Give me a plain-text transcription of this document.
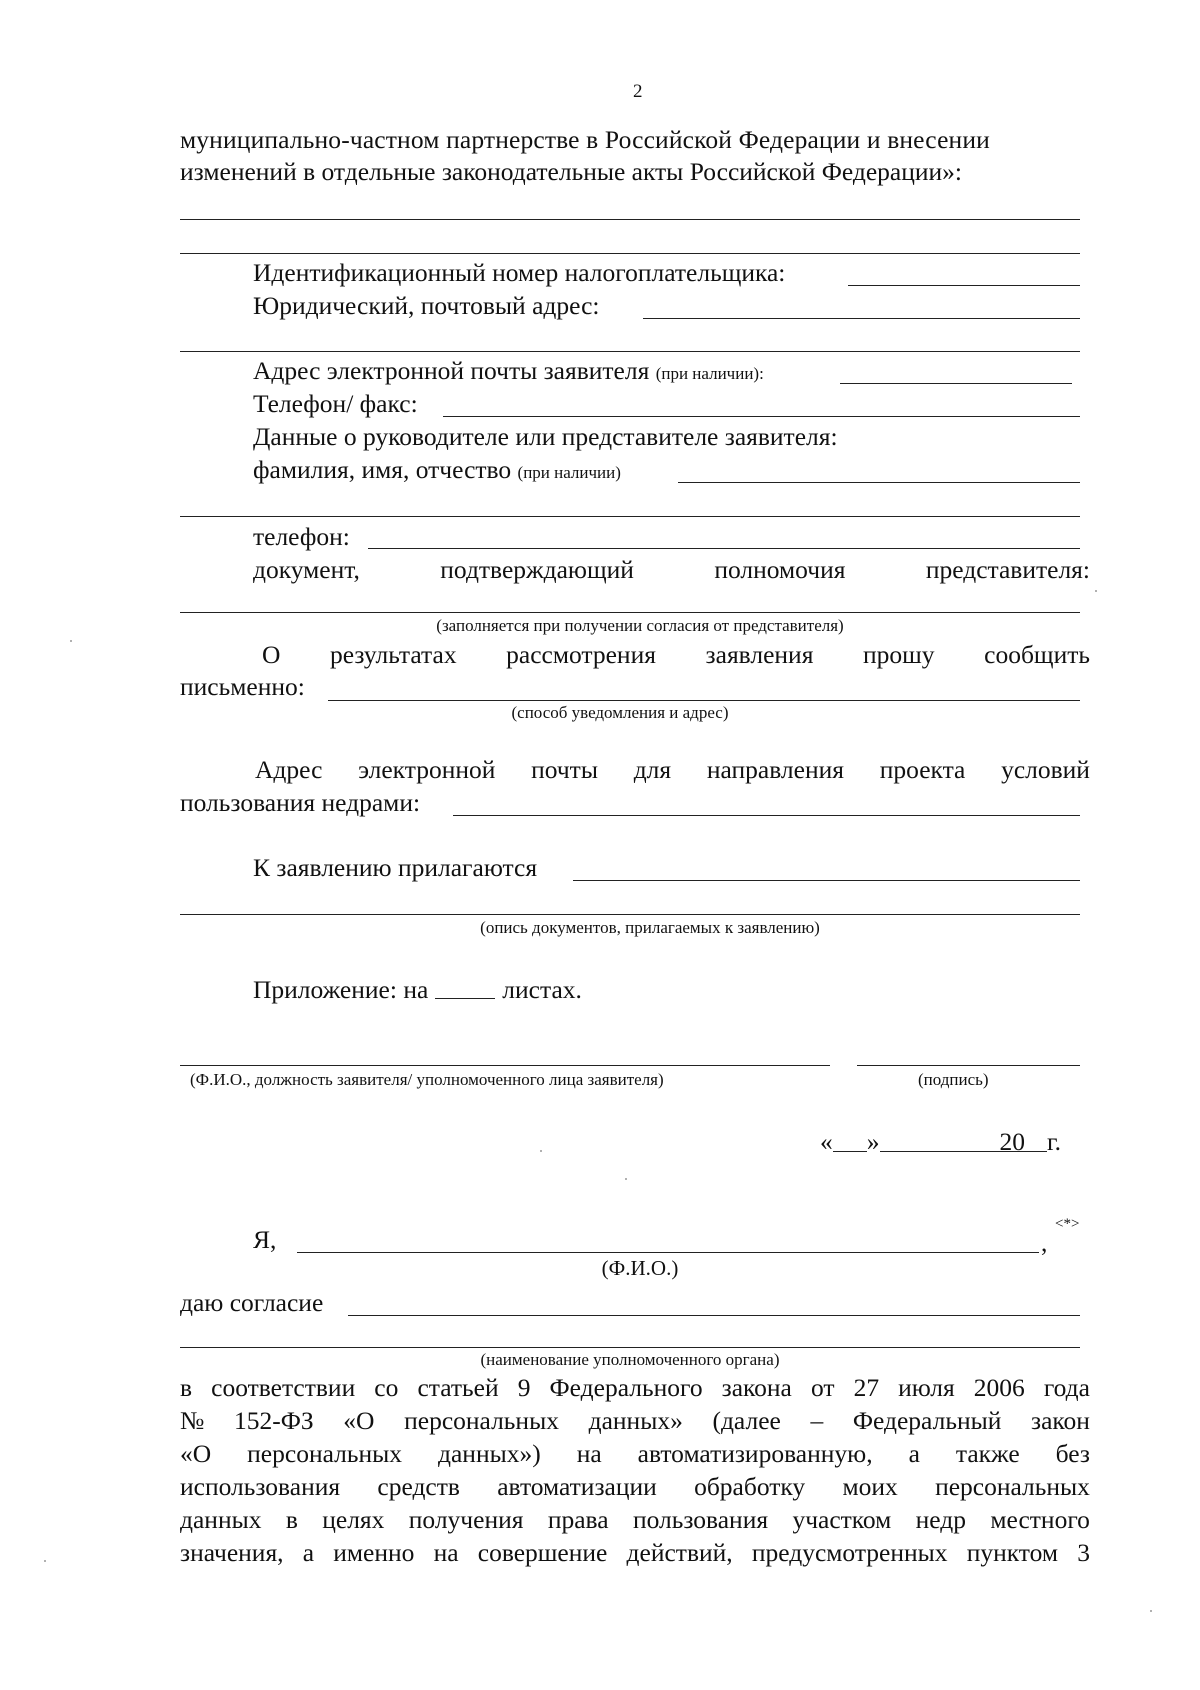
2
муниципально-частном партнерстве в Российской Федерации и внесении
изменений в отдельные законодательные акты Российской Федерации»:
Идентификационный номер налогоплательщика:
Юридический, почтовый адрес:
Адрес электронной почты заявителя (при наличии):
Телефон/ факс:
Данные о руководителе или представителе заявителя:
фамилия, имя, отчество (при наличии)
телефон:
документ,	подтверждающий	полномочия	представителя:
(заполняется при получении согласия от представителя)
О результатах рассмотрения заявления прошу сообщить
письменно:
(способ уведомления и адрес)
Адрес электронной почты для направления проекта условий
пользования недрами:
К заявлению прилагаются
(опись документов, прилагаемых к заявлению)
Приложение: на	листах.
(Ф.И.О., должность заявителя/ уполномоченного лица заявителя)	(подпись)
« »	20 г.
Я,	,
<*>
(Ф.И.О.)
даю согласие
(наименование уполномоченного органа)
в соответствии со статьей 9 Федерального закона от 27 июля 2006 года
№ 152-ФЗ «О персональных данных» (далее – Федеральный закон
«О персональных данных») на автоматизированную, а также без
использования средств автоматизации обработку моих персональных
данных в целях получения права пользования участком недр местного
значения, а именно на совершение действий, предусмотренных пунктом 3
